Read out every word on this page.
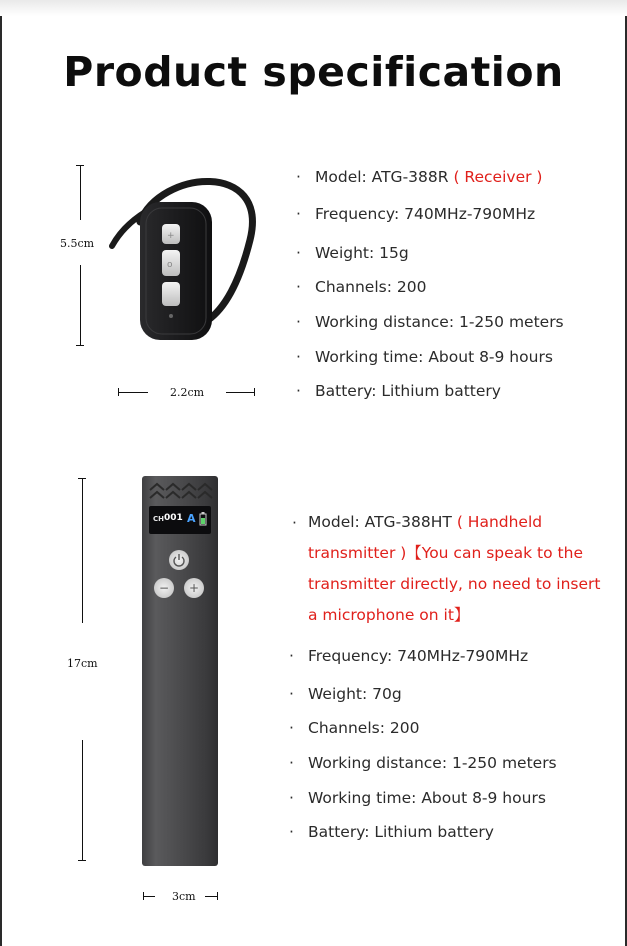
Product specification
5.5cm
2.2cm
+
o
· Model: ATG-388R ( Receiver )
· Frequency: 740MHz-790MHz
· Weight: 15g
· Channels: 200
· Working distance: 1-250 meters
· Working time: About 8-9 hours
· Battery: Lithium battery
17cm
3cm
CH 001 A
−	+
· Model: ATG-388HT ( Handheld
transmitter )【You can speak to the
transmitter directly, no need to insert
a microphone on it】
· Frequency: 740MHz-790MHz
· Weight: 70g
· Channels: 200
· Working distance: 1-250 meters
· Working time: About 8-9 hours
· Battery: Lithium battery
